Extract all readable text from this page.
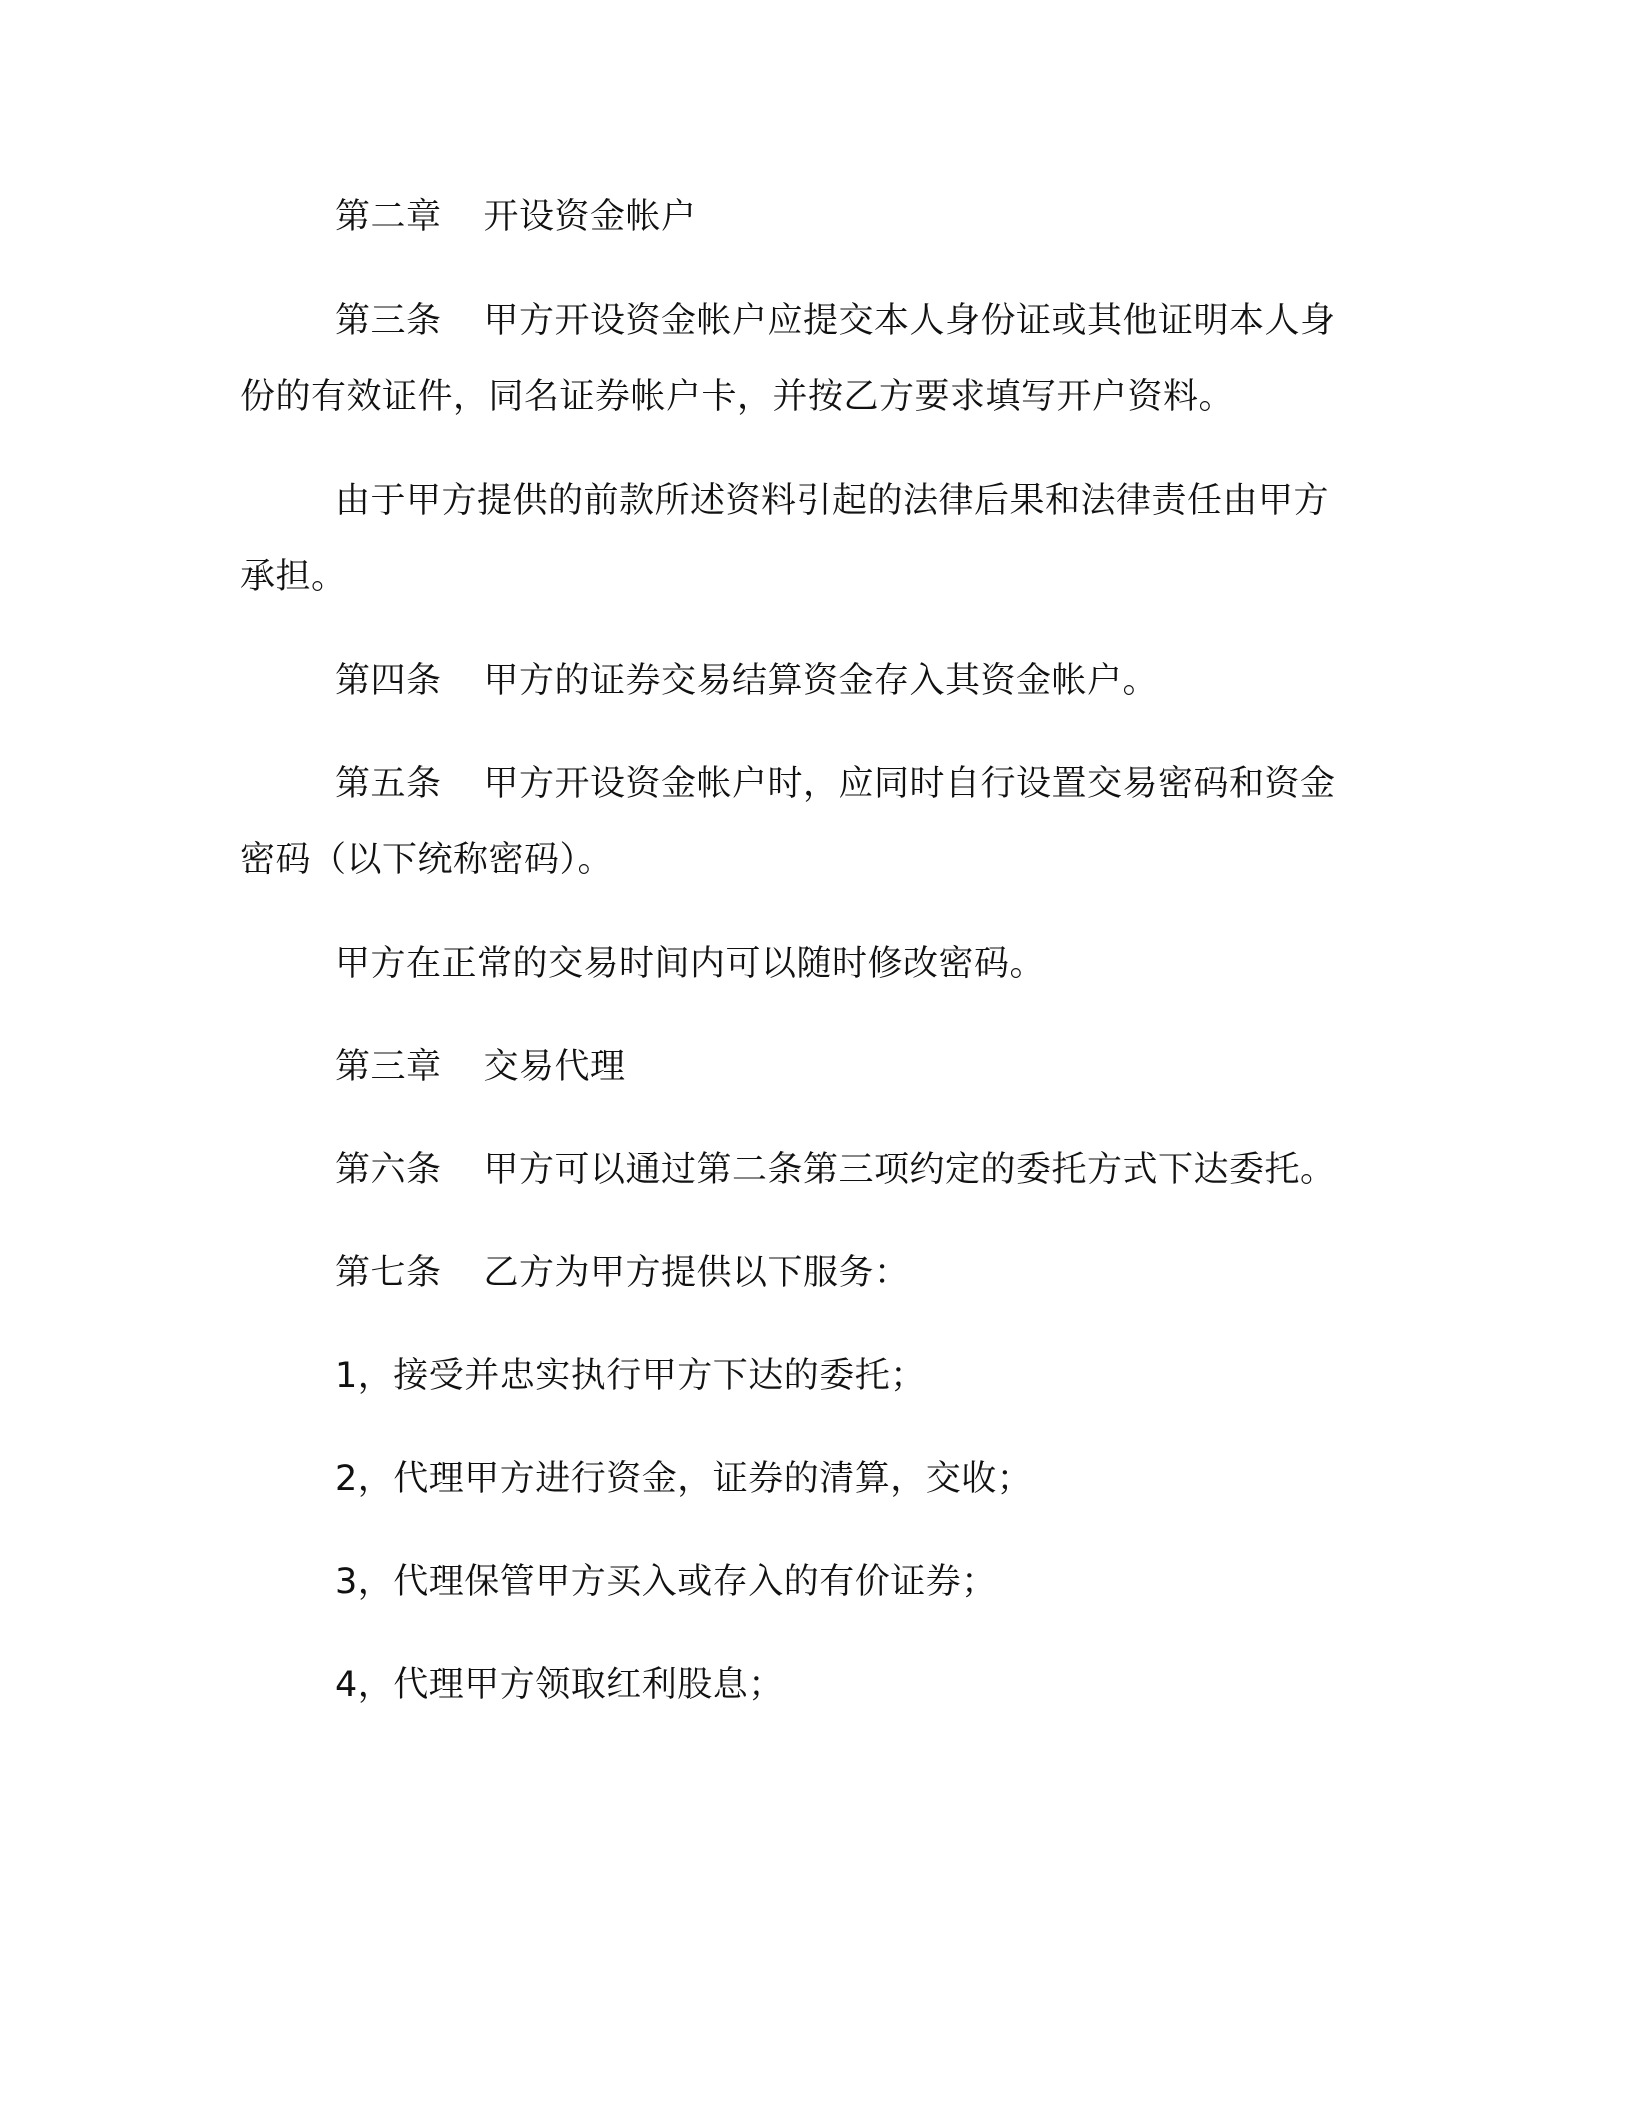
第二章 开设资金帐户
第三条 甲方开设资金帐户应提交本人身份证或其他证明本人身
份的有效证件，同名证券帐户卡，并按乙方要求填写开户资料。
由于甲方提供的前款所述资料引起的法律后果和法律责任由甲方
承担。
第四条 甲方的证券交易结算资金存入其资金帐户。
第五条 甲方开设资金帐户时，应同时自行设置交易密码和资金
密码（以下统称密码）。
甲方在正常的交易时间内可以随时修改密码。
第三章 交易代理
第六条 甲方可以通过第二条第三项约定的委托方式下达委托。
第七条 乙方为甲方提供以下服务：
1，接受并忠实执行甲方下达的委托；
2，代理甲方进行资金，证券的清算，交收；
3，代理保管甲方买入或存入的有价证券；
4，代理甲方领取红利股息；
